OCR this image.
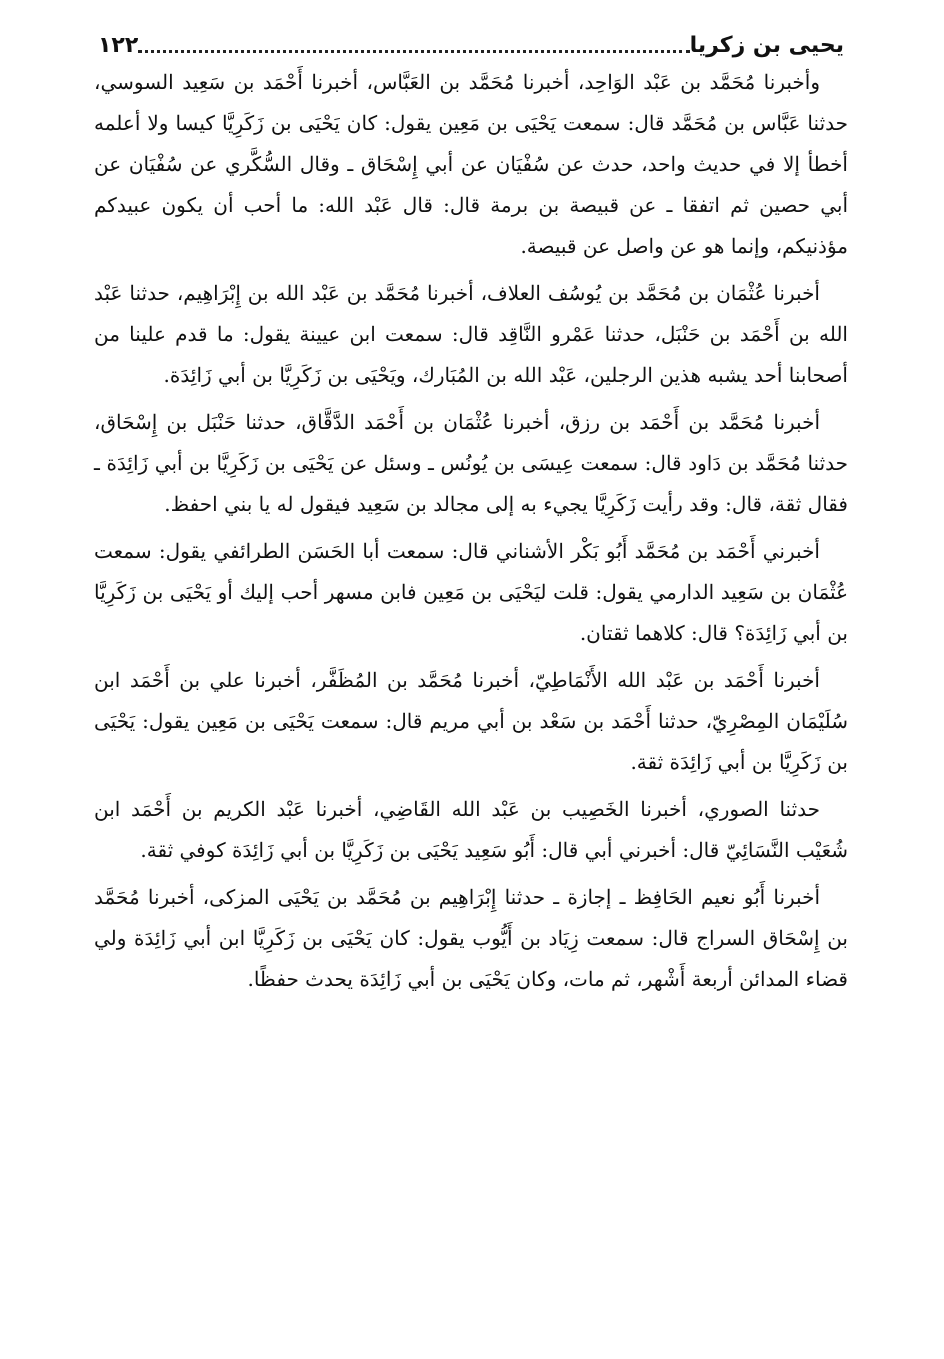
يحيى بن زكريا
١٢٢

وأخبرنا مُحَمَّد بن عَبْد الوَاحِد، أخبرنا مُحَمَّد بن العَبَّاس، أخبرنا أَحْمَد بن سَعِيد السوسي، حدثنا عَبَّاس بن مُحَمَّد قال: سمعت يَحْيَى بن مَعِين يقول: كان يَحْيَى بن زَكَرِيَّا كيسا ولا أعلمه أخطأ إلا في حديث واحد، حدث عن سُفْيَان عن أبي إِسْحَاق ـ وقال السُّكَّري عن سُفْيَان عن أبي حصين ثم اتفقا ـ عن قبيصة بن برمة قال: قال عَبْد الله: ما أحب أن يكون عبيدكم مؤذنيكم، وإنما هو عن واصل عن قبيصة.

أخبرنا عُثْمَان بن مُحَمَّد بن يُوسُف العلاف، أخبرنا مُحَمَّد بن عَبْد الله بن إِبْرَاهِيم، حدثنا عَبْد الله بن أَحْمَد بن حَنْبَل، حدثنا عَمْرو النَّاقِد قال: سمعت ابن عيينة يقول: ما قدم علينا من أصحابنا أحد يشبه هذين الرجلين، عَبْد الله بن المُبَارك، ويَحْيَى بن زَكَرِيَّا بن أبي زَائِدَة.

أخبرنا مُحَمَّد بن أَحْمَد بن رزق، أخبرنا عُثْمَان بن أَحْمَد الدَّقَّاق، حدثنا حَنْبَل بن إِسْحَاق، حدثنا مُحَمَّد بن دَاود قال: سمعت عِيسَى بن يُونُس ـ وسئل عن يَحْيَى بن زَكَرِيَّا بن أبي زَائِدَة ـ فقال ثقة، قال: وقد رأيت زَكَرِيَّا يجيء به إلى مجالد بن سَعِيد فيقول له يا بني احفظ.

أخبرني أَحْمَد بن مُحَمَّد أَبُو بَكْر الأشناني قال: سمعت أبا الحَسَن الطرائفي يقول: سمعت عُثْمَان بن سَعِيد الدارمي يقول: قلت ليَحْيَى بن مَعِين فابن مسهر أحب إليك أو يَحْيَى بن زَكَرِيَّا بن أبي زَائِدَة؟ قال: كلاهما ثقتان.

أخبرنا أَحْمَد بن عَبْد الله الأَنْمَاطِيّ، أخبرنا مُحَمَّد بن المُظَفَّر، أخبرنا علي بن أَحْمَد ابن سُلَيْمَان المِصْرِيّ، حدثنا أَحْمَد بن سَعْد بن أبي مريم قال: سمعت يَحْيَى بن مَعِين يقول: يَحْيَى بن زَكَرِيَّا بن أبي زَائِدَة ثقة.

حدثنا الصوري، أخبرنا الخَصِيب بن عَبْد الله القَاضِي، أخبرنا عَبْد الكريم بن أَحْمَد ابن شُعَيْب النَّسَائِيّ قال: أخبرني أبي قال: أَبُو سَعِيد يَحْيَى بن زَكَرِيَّا بن أبي زَائِدَة كوفي ثقة.

أخبرنا أَبُو نعيم الحَافِظ ـ إجازة ـ حدثنا إِبْرَاهِيم بن مُحَمَّد بن يَحْيَى المزكى، أخبرنا مُحَمَّد بن إِسْحَاق السراج قال: سمعت زِيَاد بن أَيُّوب يقول: كان يَحْيَى بن زَكَرِيَّا ابن أبي زَائِدَة ولي قضاء المدائن أربعة أَشْهر، ثم مات، وكان يَحْيَى بن أبي زَائِدَة يحدث حفظًا.
